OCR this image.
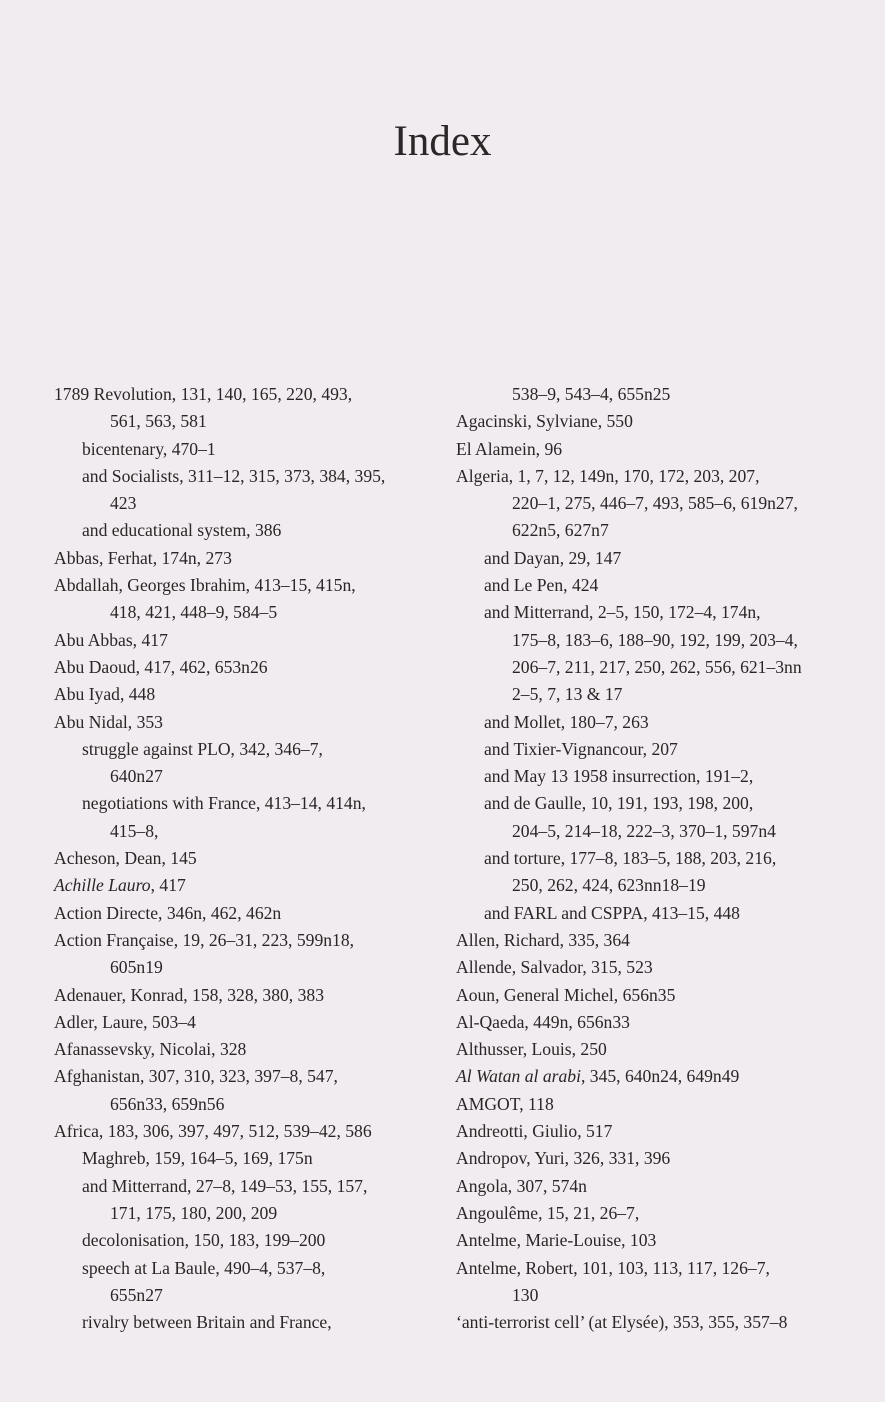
Index
1789 Revolution, 131, 140, 165, 220, 493,
561, 563, 581
bicentenary, 470–1
and Socialists, 311–12, 315, 373, 384, 395,
423
and educational system, 386
Abbas, Ferhat, 174n, 273
Abdallah, Georges Ibrahim, 413–15, 415n,
418, 421, 448–9, 584–5
Abu Abbas, 417
Abu Daoud, 417, 462, 653n26
Abu Iyad, 448
Abu Nidal, 353
struggle against PLO, 342, 346–7,
640n27
negotiations with France, 413–14, 414n,
415–8,
Acheson, Dean, 145
Achille Lauro, 417
Action Directe, 346n, 462, 462n
Action Française, 19, 26–31, 223, 599n18,
605n19
Adenauer, Konrad, 158, 328, 380, 383
Adler, Laure, 503–4
Afanassevsky, Nicolai, 328
Afghanistan, 307, 310, 323, 397–8, 547,
656n33, 659n56
Africa, 183, 306, 397, 497, 512, 539–42, 586
Maghreb, 159, 164–5, 169, 175n
and Mitterrand, 27–8, 149–53, 155, 157,
171, 175, 180, 200, 209
decolonisation, 150, 183, 199–200
speech at La Baule, 490–4, 537–8,
655n27
rivalry between Britain and France,
538–9, 543–4, 655n25
Agacinski, Sylviane, 550
El Alamein, 96
Algeria, 1, 7, 12, 149n, 170, 172, 203, 207,
220–1, 275, 446–7, 493, 585–6, 619n27,
622n5, 627n7
and Dayan, 29, 147
and Le Pen, 424
and Mitterrand, 2–5, 150, 172–4, 174n,
175–8, 183–6, 188–90, 192, 199, 203–4,
206–7, 211, 217, 250, 262, 556, 621–3nn
2–5, 7, 13 & 17
and Mollet, 180–7, 263
and Tixier-Vignancour, 207
and May 13 1958 insurrection, 191–2,
and de Gaulle, 10, 191, 193, 198, 200,
204–5, 214–18, 222–3, 370–1, 597n4
and torture, 177–8, 183–5, 188, 203, 216,
250, 262, 424, 623nn18–19
and FARL and CSPPA, 413–15, 448
Allen, Richard, 335, 364
Allende, Salvador, 315, 523
Aoun, General Michel, 656n35
Al-Qaeda, 449n, 656n33
Althusser, Louis, 250
Al Watan al arabi, 345, 640n24, 649n49
AMGOT, 118
Andreotti, Giulio, 517
Andropov, Yuri, 326, 331, 396
Angola, 307, 574n
Angoulême, 15, 21, 26–7,
Antelme, Marie-Louise, 103
Antelme, Robert, 101, 103, 113, 117, 126–7,
130
‘anti-terrorist cell’ (at Elysée), 353, 355, 357–8
